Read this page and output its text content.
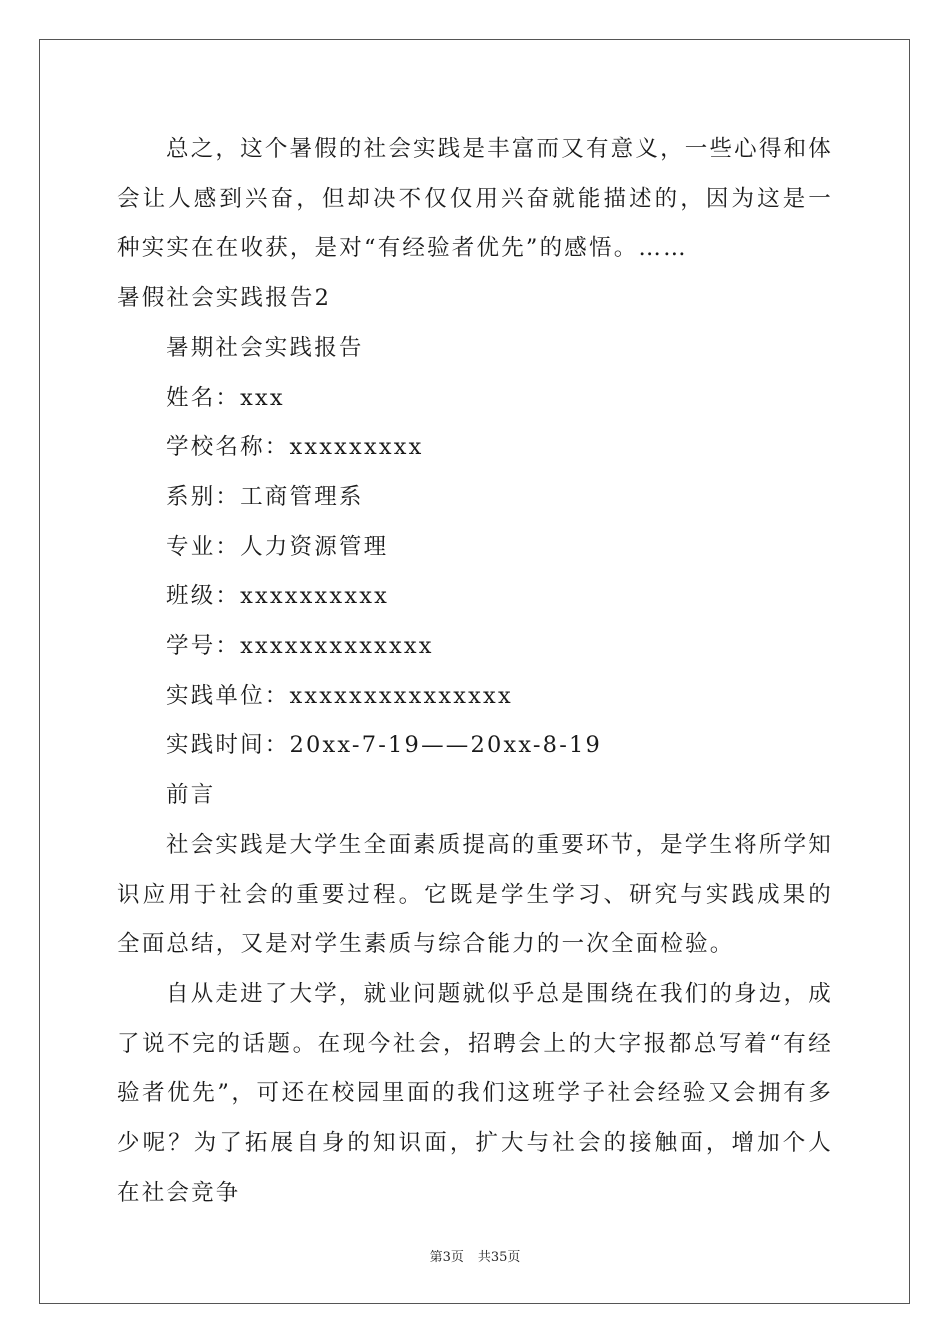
总之，这个暑假的社会实践是丰富而又有意义，一些心得和体会让人感到兴奋，但却决不仅仅用兴奋就能描述的，因为这是一种实实在在收获，是对“有经验者优先”的感悟。……

暑假社会实践报告2

暑期社会实践报告

姓名：xxx

学校名称：xxxxxxxxx

系别：工商管理系

专业：人力资源管理

班级：xxxxxxxxxx

学号：xxxxxxxxxxxxx

实践单位：xxxxxxxxxxxxxxx

实践时间：20xx-7-19——20xx-8-19

前言

社会实践是大学生全面素质提高的重要环节，是学生将所学知识应用于社会的重要过程。它既是学生学习、研究与实践成果的全面总结，又是对学生素质与综合能力的一次全面检验。

自从走进了大学，就业问题就似乎总是围绕在我们的身边，成了说不完的话题。在现今社会，招聘会上的大字报都总写着“有经验者优先”，可还在校园里面的我们这班学子社会经验又会拥有多少呢？为了拓展自身的知识面，扩大与社会的接触面，增加个人在社会竞争

第3页 共35页
